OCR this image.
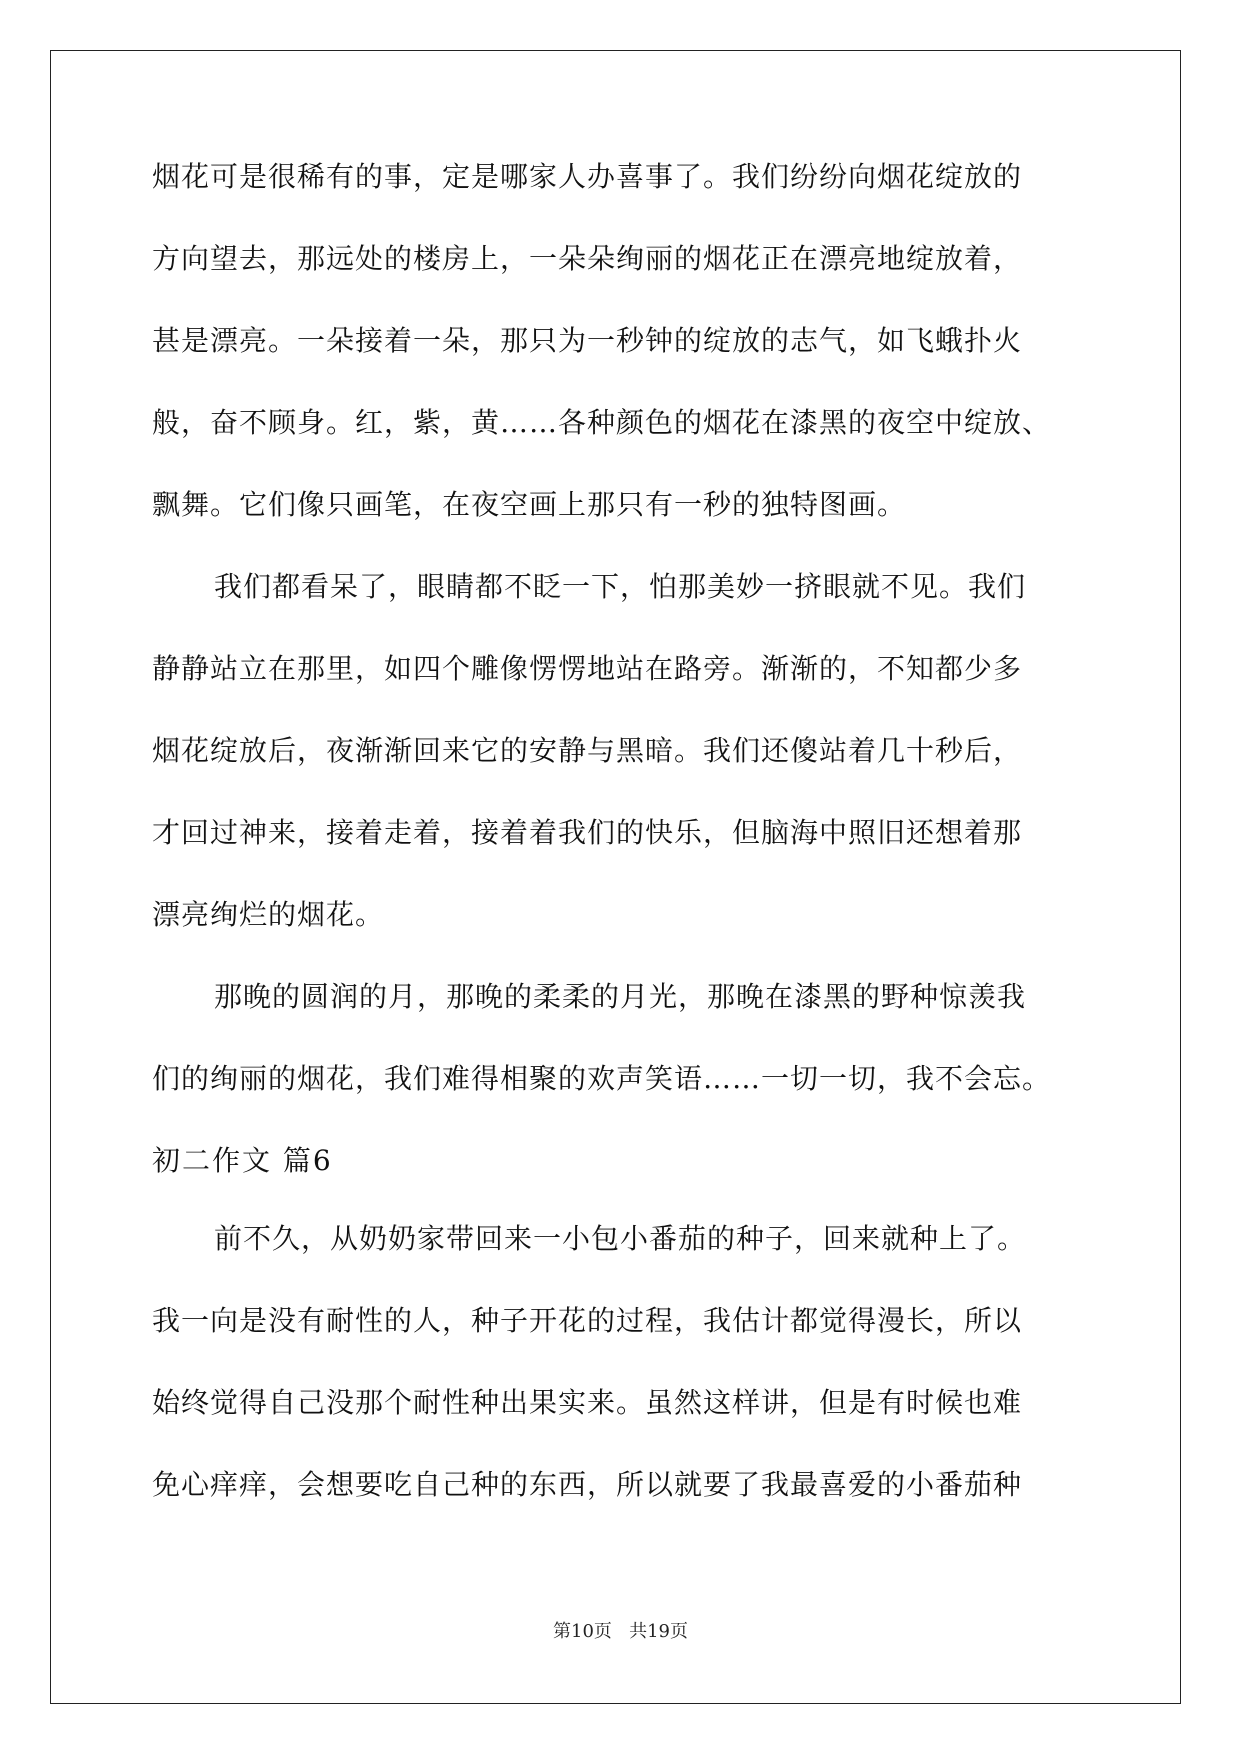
烟花可是很稀有的事，定是哪家人办喜事了。我们纷纷向烟花绽放的
方向望去，那远处的楼房上，一朵朵绚丽的烟花正在漂亮地绽放着，
甚是漂亮。一朵接着一朵，那只为一秒钟的绽放的志气，如飞蛾扑火
般，奋不顾身。红，紫，黄……各种颜色的烟花在漆黑的夜空中绽放、
飘舞。它们像只画笔，在夜空画上那只有一秒的独特图画。
我们都看呆了，眼睛都不眨一下，怕那美妙一挤眼就不见。我们
静静站立在那里，如四个雕像愣愣地站在路旁。渐渐的，不知都少多
烟花绽放后，夜渐渐回来它的安静与黑暗。我们还傻站着几十秒后，
才回过神来，接着走着，接着着我们的快乐，但脑海中照旧还想着那
漂亮绚烂的烟花。
那晚的圆润的月，那晚的柔柔的月光，那晚在漆黑的野种惊羡我
们的绚丽的烟花，我们难得相聚的欢声笑语……一切一切，我不会忘。
初二作文 篇6
前不久，从奶奶家带回来一小包小番茄的种子，回来就种上了。
我一向是没有耐性的人，种子开花的过程，我估计都觉得漫长，所以
始终觉得自己没那个耐性种出果实来。虽然这样讲，但是有时候也难
免心痒痒，会想要吃自己种的东西，所以就要了我最喜爱的小番茄种
第10页   共19页
